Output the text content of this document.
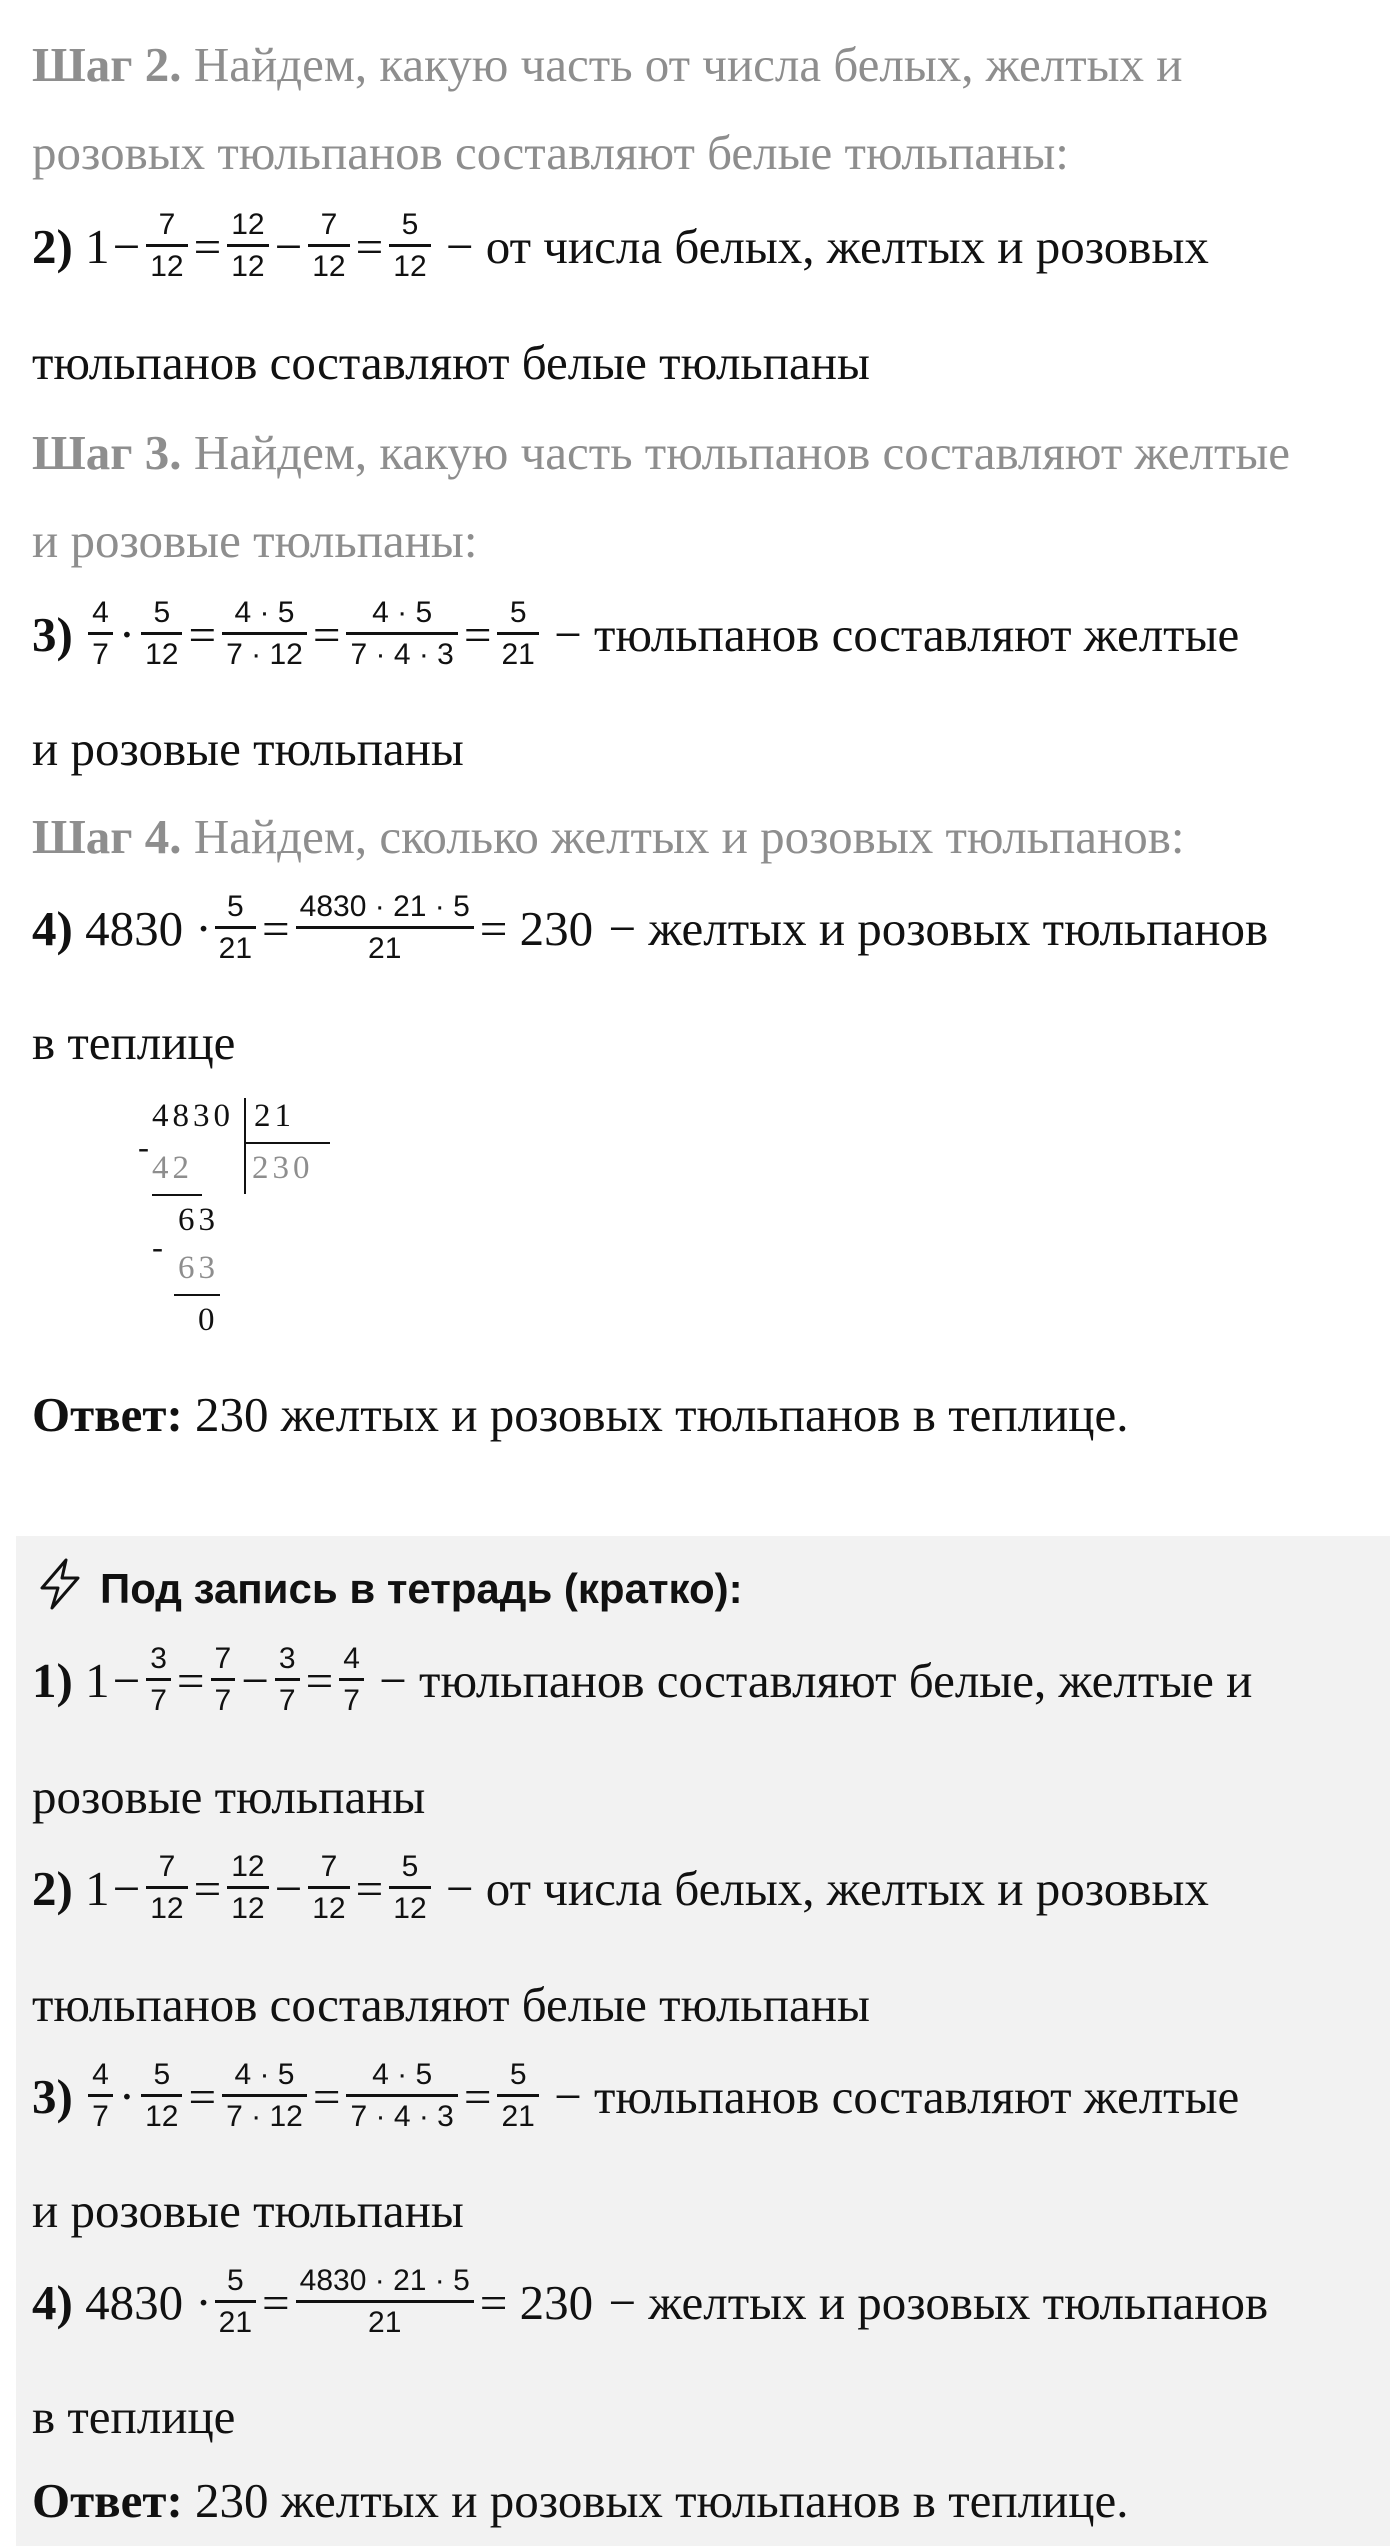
Шаг 2. Найдем, какую часть от числа белых, желтых и
розовых тюльпанов составляют белые тюльпаны:
2)
$1 - \frac{7}{12} = \frac{12}{12} - \frac{7}{12} = \frac{5}{12}$
− от числа белых, желтых и розовых
тюльпанов составляют белые тюльпаны
Шаг 3. Найдем, какую часть тюльпанов составляют желтые
и розовые тюльпаны:
3)
$\frac{4}{7} \cdot \frac{5}{12} = \frac{4 \cdot 5}{7 \cdot 12} = \frac{4 \cdot 5}{7 \cdot 4 \cdot 3} = \frac{5}{21}$
− тюльпанов составляют желтые
и розовые тюльпаны
Шаг 4. Найдем, сколько желтых и розовых тюльпанов:
4)
$4830 \cdot \frac{5}{21} = \frac{4830 \cdot 21 \cdot 5}{21} = 230$
− желтых и розовых тюльпанов
в теплице
4830 21
230
-
42
63
-
63
0
Ответ: 230 желтых и розовых тюльпанов в теплице.
Под запись в тетрадь (кратко):
1)
$1 - \frac{3}{7} = \frac{7}{7} - \frac{3}{7} = \frac{4}{7}$
− тюльпанов составляют белые, желтые и
розовые тюльпаны
2)
$1 - \frac{7}{12} = \frac{12}{12} - \frac{7}{12} = \frac{5}{12}$
− от числа белых, желтых и розовых
тюльпанов составляют белые тюльпаны
3)
$\frac{4}{7} \cdot \frac{5}{12} = \frac{4 \cdot 5}{7 \cdot 12} = \frac{4 \cdot 5}{7 \cdot 4 \cdot 3} = \frac{5}{21}$
− тюльпанов составляют желтые
и розовые тюльпаны
4)
$4830 \cdot \frac{5}{21} = \frac{4830 \cdot 21 \cdot 5}{21} = 230$
− желтых и розовых тюльпанов
в теплице
Ответ: 230 желтых и розовых тюльпанов в теплице.
